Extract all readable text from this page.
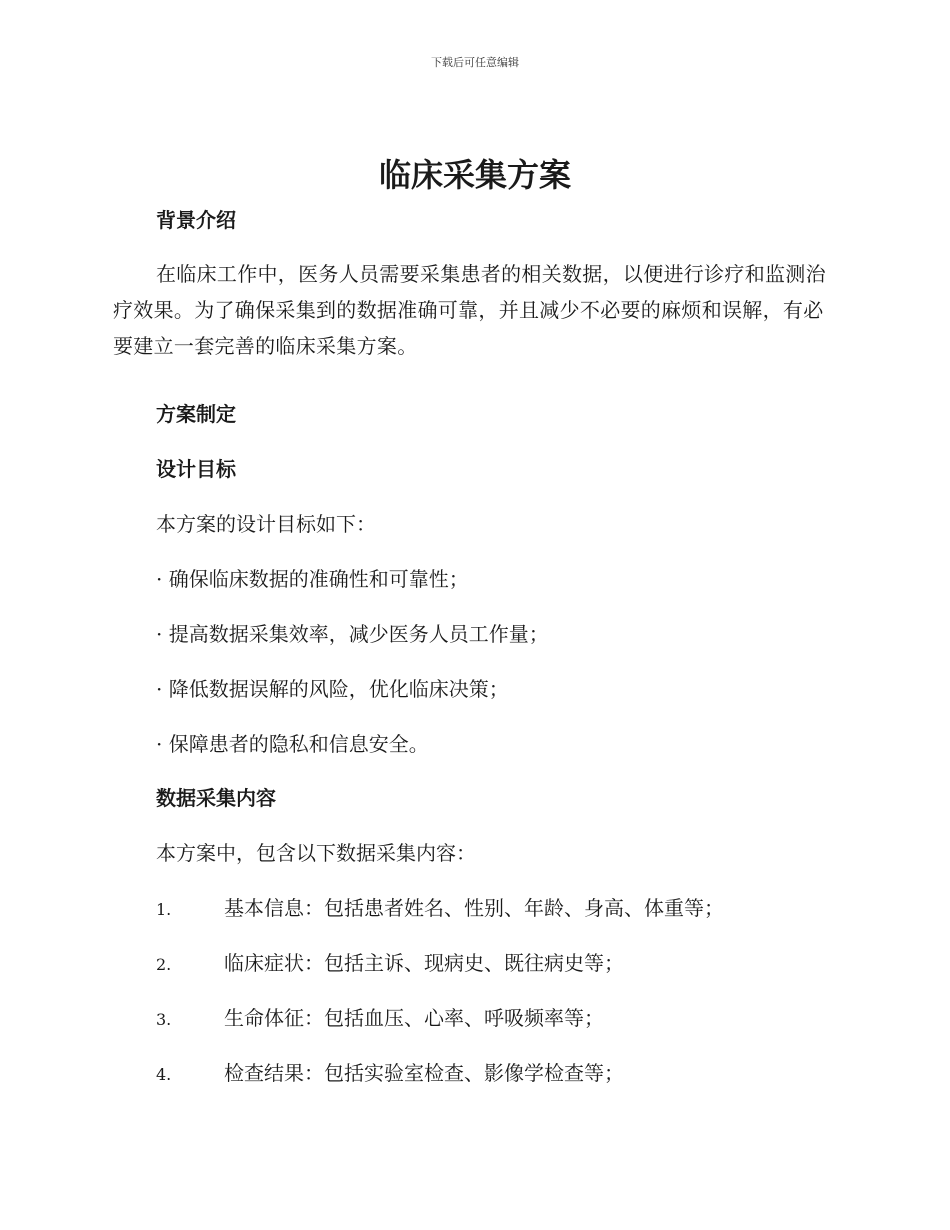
下载后可任意编辑
临床采集方案
背景介绍

在临床工作中，医务人员需要采集患者的相关数据，以便进行诊疗和监测治疗效果。为了确保采集到的数据准确可靠，并且减少不必要的麻烦和误解，有必要建立一套完善的临床采集方案。

方案制定
设计目标

本方案的设计目标如下：

· 确保临床数据的准确性和可靠性；

· 提高数据采集效率，减少医务人员工作量；

· 降低数据误解的风险，优化临床决策；

· 保障患者的隐私和信息安全。

数据采集内容

本方案中，包含以下数据采集内容：

1.	基本信息：包括患者姓名、性别、年龄、身高、体重等；

2.	临床症状：包括主诉、现病史、既往病史等；

3.	生命体征：包括血压、心率、呼吸频率等；

4.	检查结果：包括实验室检查、影像学检查等；
